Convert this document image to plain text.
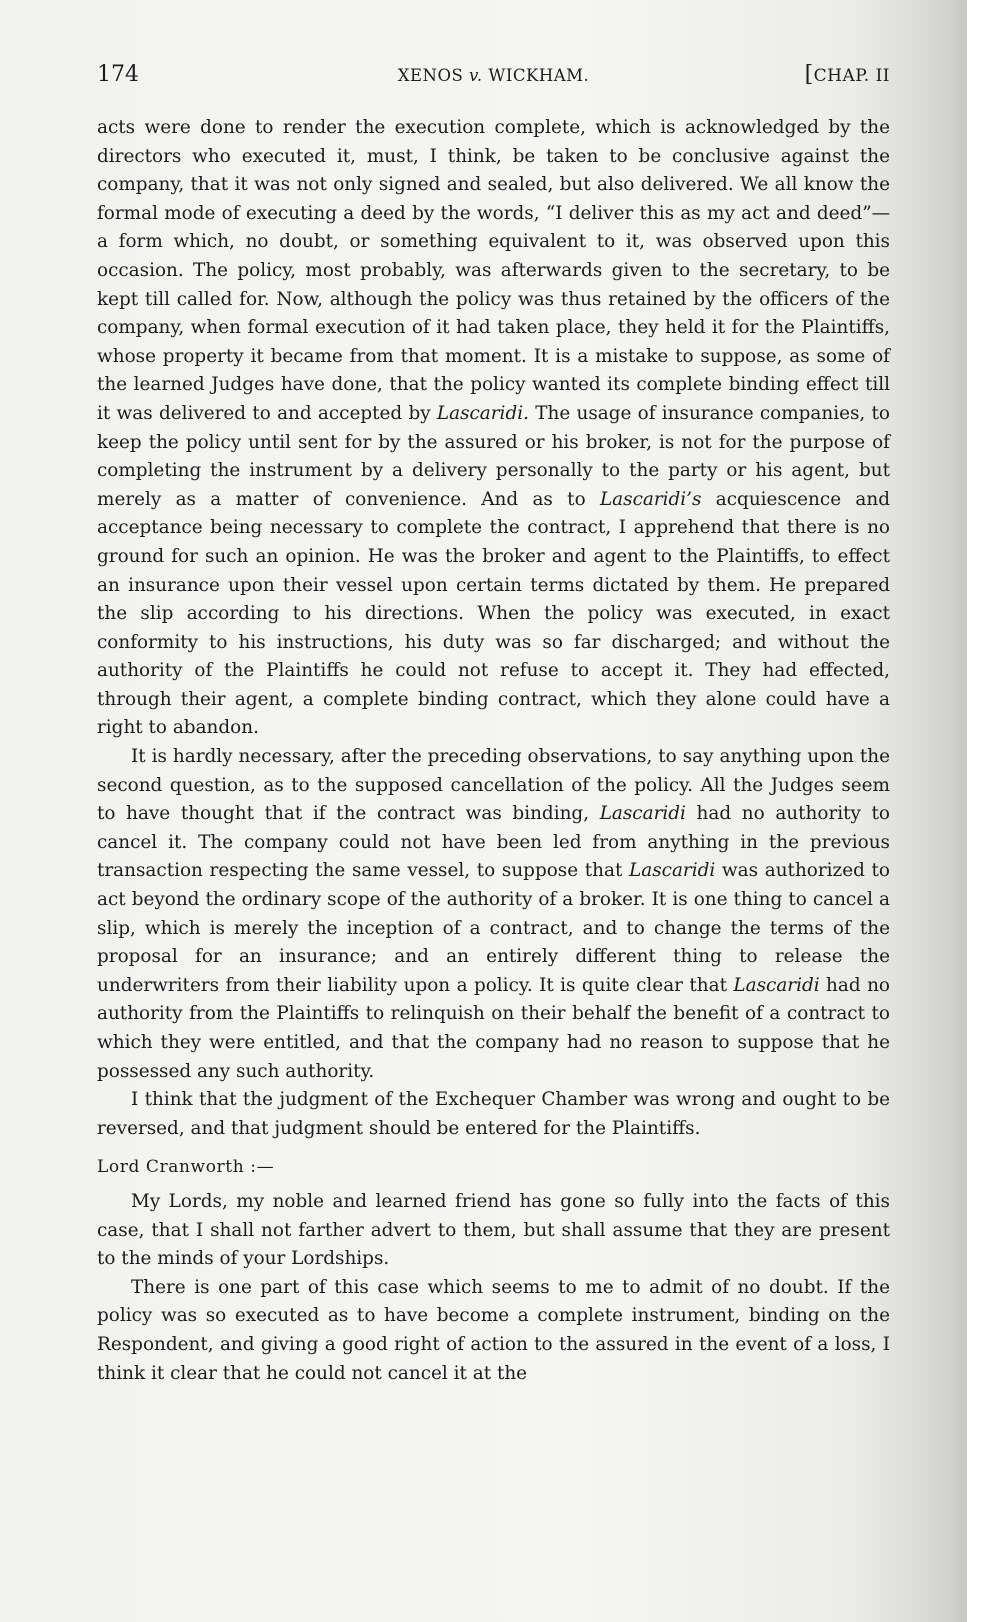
174	XENOS v. WICKHAM.	[CHAP. II

acts were done to render the execution complete, which is acknowledged by the directors who executed it, must, I think, be taken to be conclusive against the company, that it was not only signed and sealed, but also delivered. We all know the formal mode of executing a deed by the words, “I deliver this as my act and deed”—a form which, no doubt, or something equivalent to it, was observed upon this occasion. The policy, most probably, was afterwards given to the secretary, to be kept till called for. Now, although the policy was thus retained by the officers of the company, when formal execution of it had taken place, they held it for the Plaintiffs, whose property it became from that moment. It is a mistake to suppose, as some of the learned Judges have done, that the policy wanted its complete binding effect till it was delivered to and accepted by Lascaridi. The usage of insurance companies, to keep the policy until sent for by the assured or his broker, is not for the purpose of completing the instrument by a delivery personally to the party or his agent, but merely as a matter of convenience. And as to Lascaridi’s acquiescence and acceptance being necessary to complete the contract, I apprehend that there is no ground for such an opinion. He was the broker and agent to the Plaintiffs, to effect an insurance upon their vessel upon certain terms dictated by them. He prepared the slip according to his directions. When the policy was executed, in exact conformity to his instructions, his duty was so far discharged; and without the authority of the Plaintiffs he could not refuse to accept it. They had effected, through their agent, a complete binding contract, which they alone could have a right to abandon.

It is hardly necessary, after the preceding observations, to say anything upon the second question, as to the supposed cancellation of the policy. All the Judges seem to have thought that if the contract was binding, Lascaridi had no authority to cancel it. The company could not have been led from anything in the previous transaction respecting the same vessel, to suppose that Lascaridi was authorized to act beyond the ordinary scope of the authority of a broker. It is one thing to cancel a slip, which is merely the inception of a contract, and to change the terms of the proposal for an insurance; and an entirely different thing to release the underwriters from their liability upon a policy. It is quite clear that Lascaridi had no authority from the Plaintiffs to relinquish on their behalf the benefit of a contract to which they were entitled, and that the company had no reason to suppose that he possessed any such authority.

I think that the judgment of the Exchequer Chamber was wrong and ought to be reversed, and that judgment should be entered for the Plaintiffs.

Lord Cranworth :—

My Lords, my noble and learned friend has gone so fully into the facts of this case, that I shall not farther advert to them, but shall assume that they are present to the minds of your Lordships.

There is one part of this case which seems to me to admit of no doubt. If the policy was so executed as to have become a complete instrument, binding on the Respondent, and giving a good right of action to the assured in the event of a loss, I think it clear that he could not cancel it at the
